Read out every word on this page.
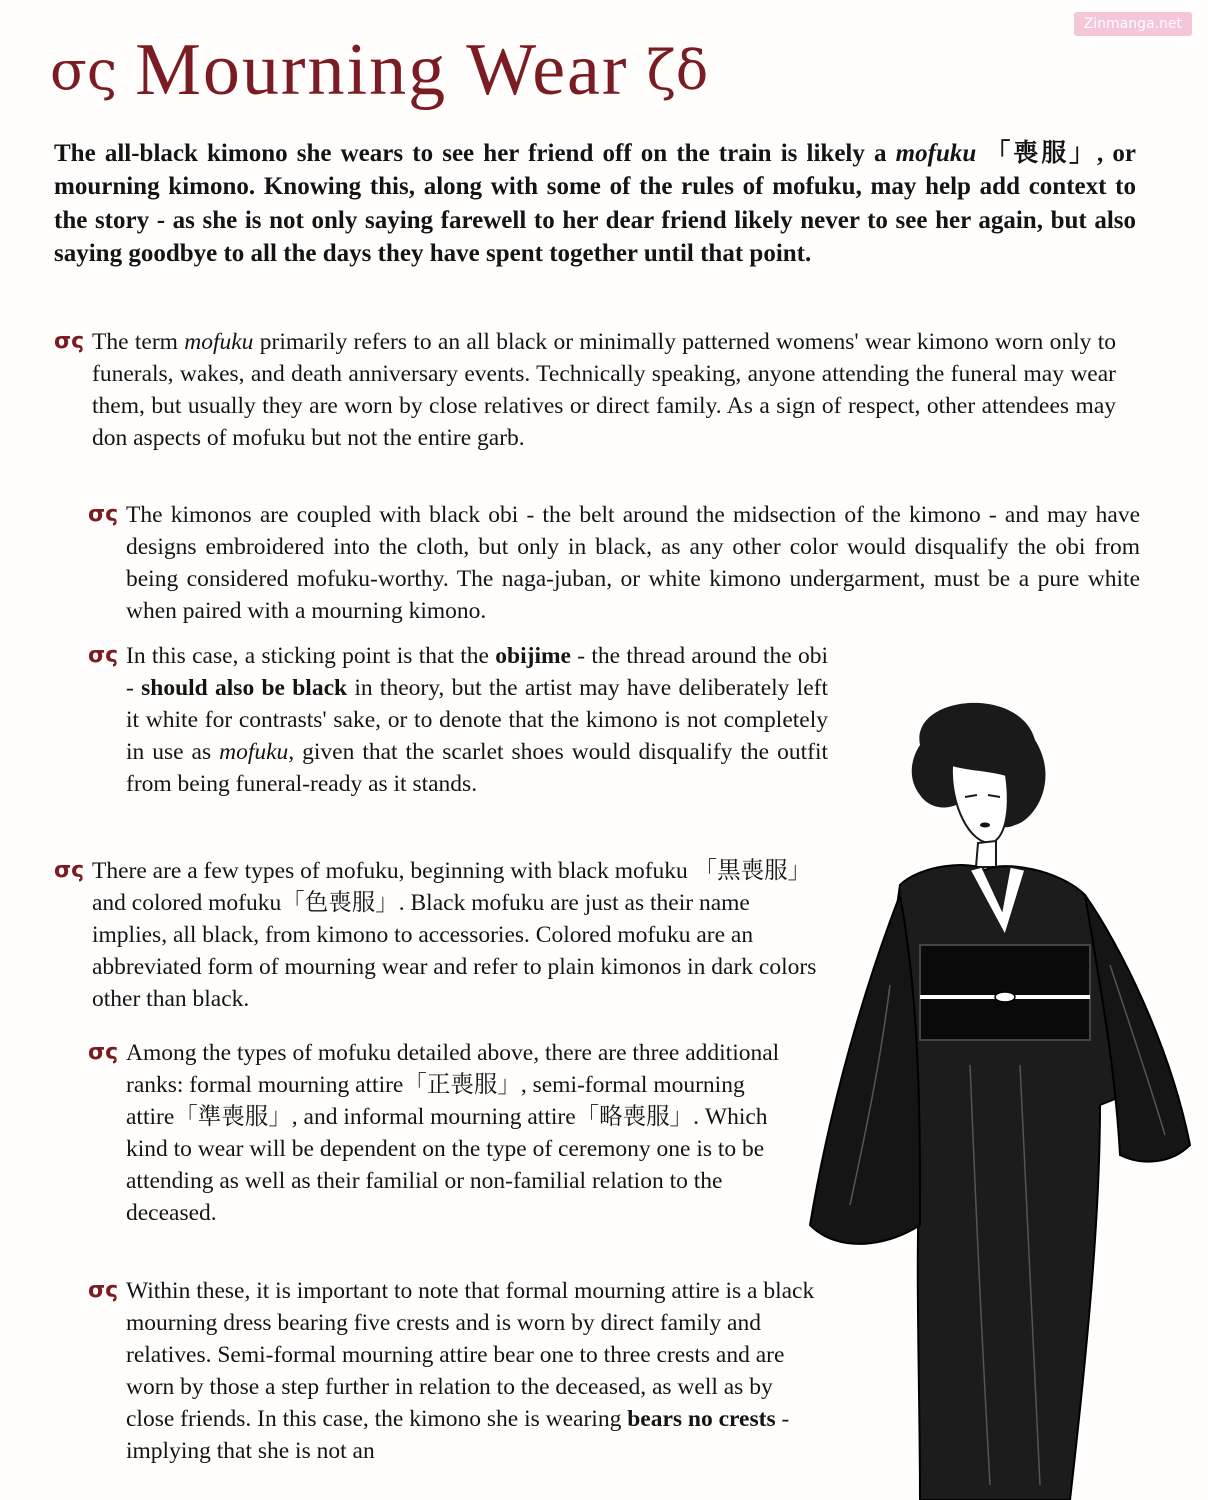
Zinmanga.net
σς Mourning Wear ζδ

The all-black kimono she wears to see her friend off on the train is likely a mofuku 「喪服」, or mourning kimono. Knowing this, along with some of the rules of mofuku, may help add context to the story - as she is not only saying farewell to her dear friend likely never to see her again, but also saying goodbye to all the days they have spent together until that point.

σς The term mofuku primarily refers to an all black or minimally patterned womens' wear kimono worn only to funerals, wakes, and death anniversary events. Technically speaking, anyone attending the funeral may wear them, but usually they are worn by close relatives or direct family. As a sign of respect, other attendees may don aspects of mofuku but not the entire garb.

σς The kimonos are coupled with black obi - the belt around the midsection of the kimono - and may have designs embroidered into the cloth, but only in black, as any other color would disqualify the obi from being considered mofuku-worthy. The naga-juban, or white kimono undergarment, must be a pure white when paired with a mourning kimono.

σς In this case, a sticking point is that the obijime - the thread around the obi - should also be black in theory, but the artist may have deliberately left it white for contrasts' sake, or to denote that the kimono is not completely in use as mofuku, given that the scarlet shoes would disqualify the outfit from being funeral-ready as it stands.

σς There are a few types of mofuku, beginning with black mofuku 「黒喪服」and colored mofuku「色喪服」. Black mofuku are just as their name implies, all black, from kimono to accessories. Colored mofuku are an abbreviated form of mourning wear and refer to plain kimonos in dark colors other than black.

σς Among the types of mofuku detailed above, there are three additional ranks: formal mourning attire「正喪服」, semi-formal mourning attire「準喪服」, and informal mourning attire「略喪服」. Which kind to wear will be dependent on the type of ceremony one is to be attending as well as their familial or non-familial relation to the deceased.

σς Within these, it is important to note that formal mourning attire is a black mourning dress bearing five crests and is worn by direct family and relatives. Semi-formal mourning attire bear one to three crests and are worn by those a step further in relation to the deceased, as well as by close friends. In this case, the kimono she is wearing bears no crests - implying that she is not an
